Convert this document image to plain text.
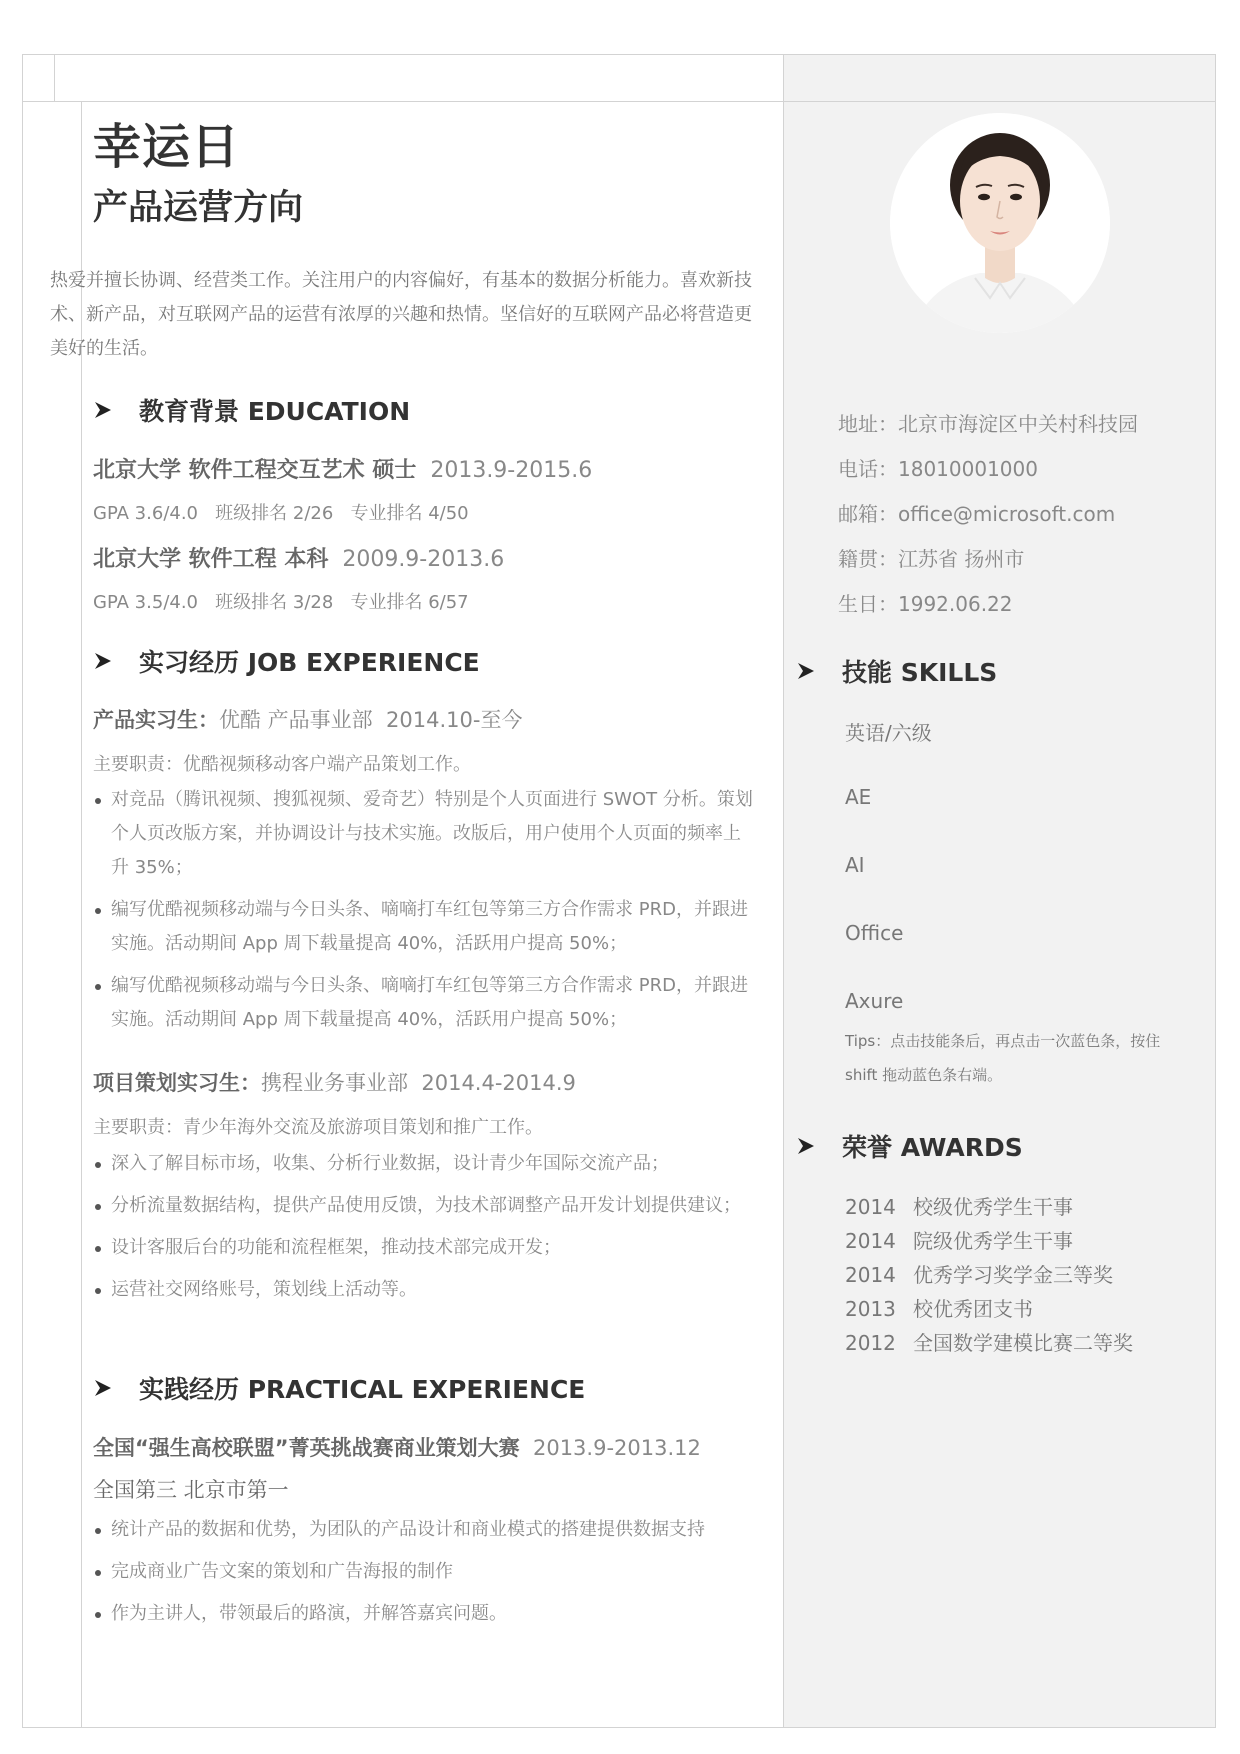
幸运日
产品运营方向
热爱并擅长协调、经营类工作。关注用户的内容偏好，有基本的数据分析能力。喜欢新技术、新产品，对互联网产品的运营有浓厚的兴趣和热情。坚信好的互联网产品必将营造更美好的生活。
教育背景 EDUCATION
北京大学 软件工程交互艺术 硕士 2013.9-2015.6
GPA 3.6/4.0   班级排名 2/26   专业排名 4/50
北京大学 软件工程 本科 2009.9-2013.6
GPA 3.5/4.0   班级排名 3/28   专业排名 6/57
实习经历 JOB EXPERIENCE
产品实习生：优酷 产品事业部 2014.10-至今
主要职责：优酷视频移动客户端产品策划工作。
对竞品（腾讯视频、搜狐视频、爱奇艺）特别是个人页面进行 SWOT 分析。策划个人页改版方案，并协调设计与技术实施。改版后，用户使用个人页面的频率上升 35%；
编写优酷视频移动端与今日头条、嘀嘀打车红包等第三方合作需求 PRD，并跟进实施。活动期间 App 周下载量提高 40%，活跃用户提高 50%；
编写优酷视频移动端与今日头条、嘀嘀打车红包等第三方合作需求 PRD，并跟进实施。活动期间 App 周下载量提高 40%，活跃用户提高 50%；
项目策划实习生：携程业务事业部 2014.4-2014.9
主要职责：青少年海外交流及旅游项目策划和推广工作。
深入了解目标市场，收集、分析行业数据，设计青少年国际交流产品；
分析流量数据结构，提供产品使用反馈，为技术部调整产品开发计划提供建议；
设计客服后台的功能和流程框架，推动技术部完成开发；
运营社交网络账号，策划线上活动等。
实践经历 PRACTICAL EXPERIENCE
全国“强生高校联盟”菁英挑战赛商业策划大赛 2013.9-2013.12
全国第三 北京市第一
统计产品的数据和优势，为团队的产品设计和商业模式的搭建提供数据支持
完成商业广告文案的策划和广告海报的制作
作为主讲人，带领最后的路演，并解答嘉宾问题。
地址：北京市海淀区中关村科技园
电话：18010001000
邮箱：office@microsoft.com
籍贯：江苏省 扬州市
生日：1992.06.22
技能 SKILLS
英语/六级
AE
AI
Office
Axure
Tips：点击技能条后，再点击一次蓝色条，按住 shift 拖动蓝色条右端。
荣誉 AWARDS
2014 校级优秀学生干事
2014 院级优秀学生干事
2014 优秀学习奖学金三等奖
2013 校优秀团支书
2012 全国数学建模比赛二等奖
